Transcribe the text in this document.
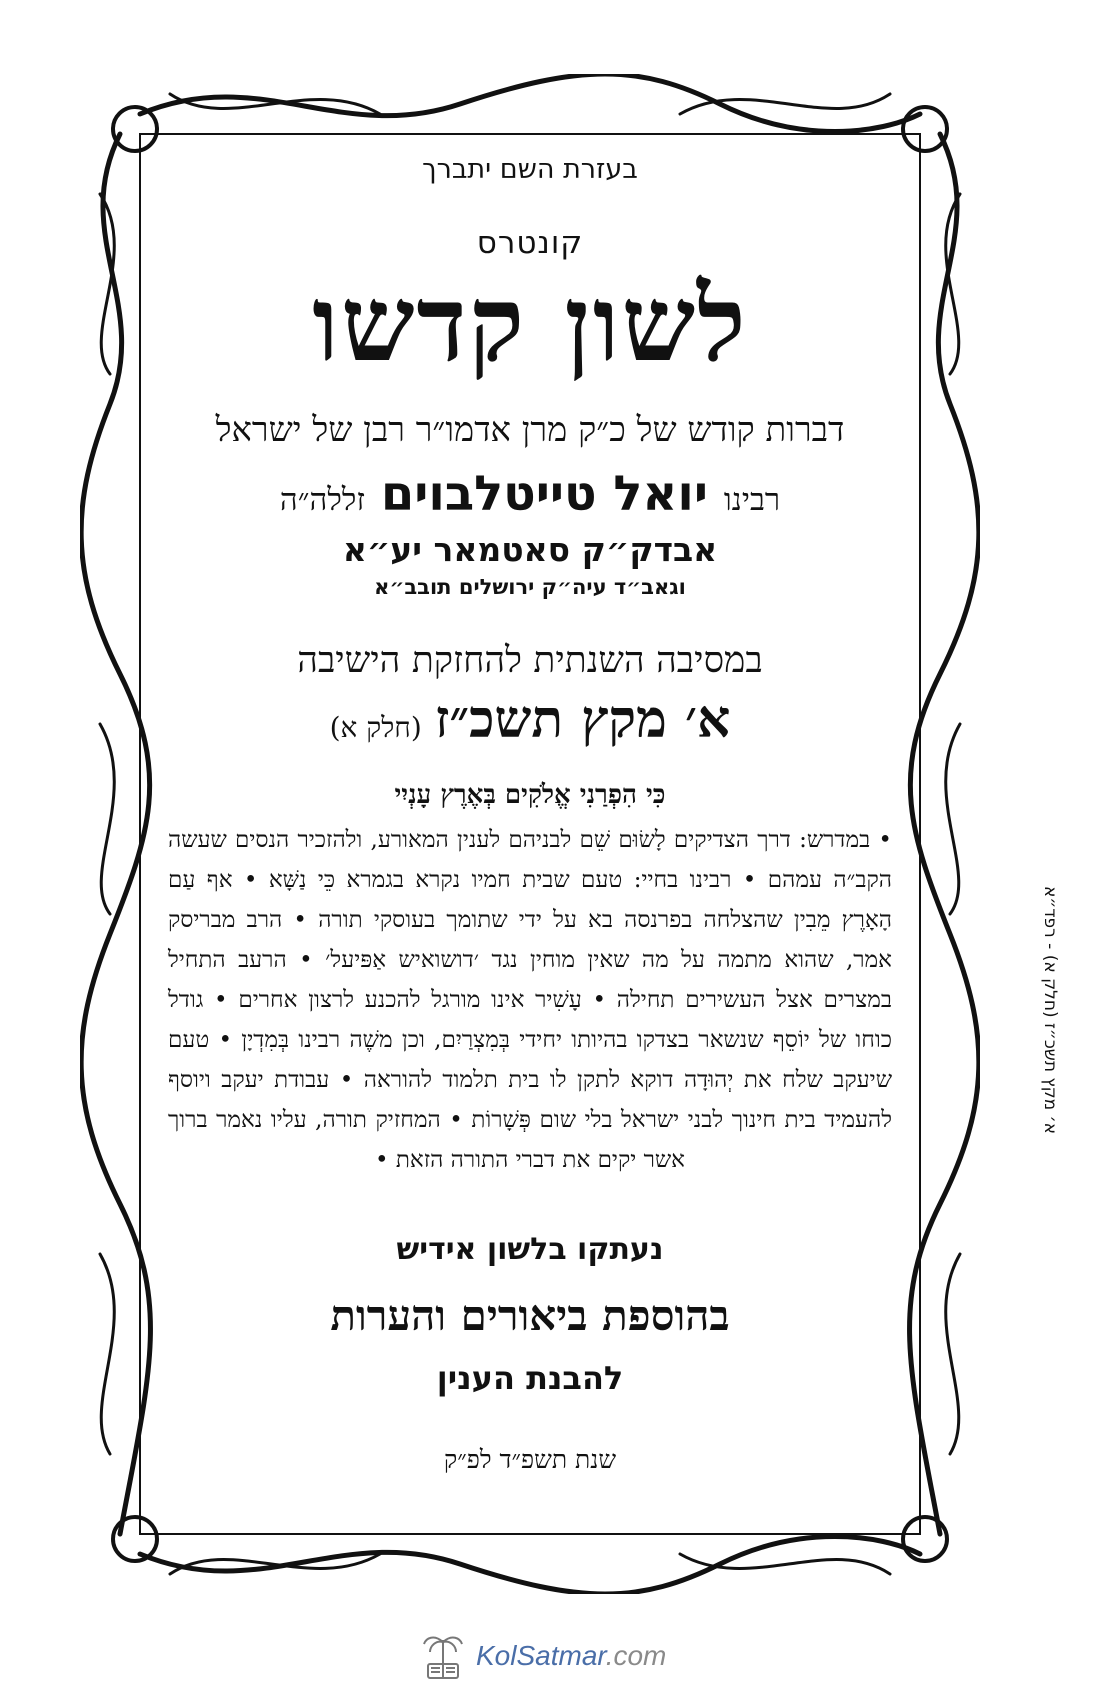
בעזרת השם יתברך
קונטרס
לשון קדשו
דברות קודש של כ״ק מרן אדמו״ר רבן של ישראל
רבינו יואל טייטלבוים זללה״ה
אבדק״ק סאטמאר יע״א
וגאב״ד עיה״ק ירושלים תובב״א
במסיבה השנתית להחזקת הישיבה
א׳ מקץ תשכ״ז (חלק א)
כִּי הִפְרַנִי אֱלֹקִים בְּאֶרֶץ עָנְיִי
• במדרש: דרך הצדיקים לָשׂוּם שֵׁם לבניהם לענין המאורע, ולהזכיר הנסים שעשה הקב״ה עמהם • רבינו בחיי: טעם שבית חמיו נקרא בגמרא כֵּי נַשָּׁא • אף עַם הָאָרֶץ מֵבִין שהצלחה בפרנסה בא על ידי שתומך בעוסקי תורה • הרב מבריסק אמר, שהוא מתמה על מה שאין מוחין נגד ׳דושואיש אַפּיעל׳ • הרעב התחיל במצרים אצל העשירים תחילה • עָשִׁיר אינו מורגל להכנע לרצון אחרים • גודל כוחו של יוֹסֵף שנשאר בצדקו בהיותו יחידי בְּמִצְרַיִם, וכן משֶׁה רבינו בְּמִדְיָן • טעם שיעקב שלח את יְהוּדָה דוקא לתקן לו בית תלמוד להוראה • עבודת יעקב ויוסף להעמיד בית חינוך לבני ישראל בלי שום פְּשָׁרוֹת • המחזיק תורה, עליו נאמר ברוך אשר יקים את דברי התורה הזאת •
נעתקו בלשון אידיש
בהוספת ביאורים והערות
להבנת הענין
שנת תשפ״ד לפ״ק
א׳ מקץ תשכ״ז (חלק א) - רפד״א
KolSatmar.com
